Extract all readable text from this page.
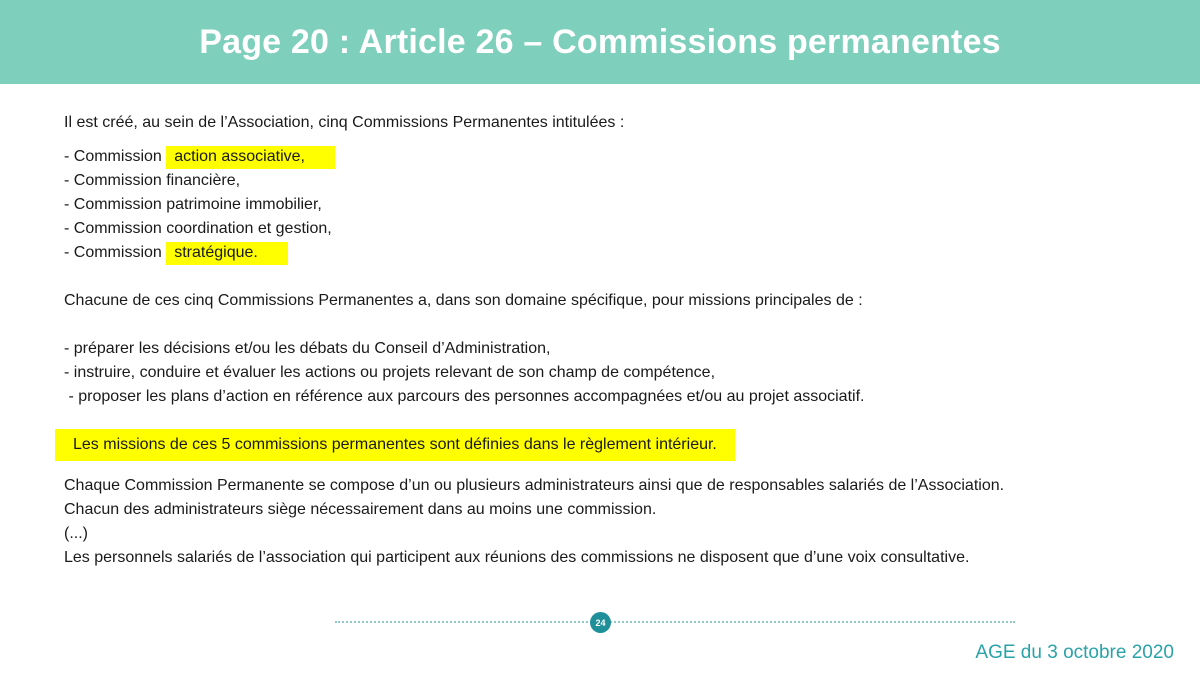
Page 20 : Article 26 – Commissions permanentes
Il est créé, au sein de l’Association, cinq Commissions Permanentes intitulées :
- Commission action associative,
- Commission financière,
- Commission patrimoine immobilier,
- Commission coordination et gestion,
- Commission stratégique.
Chacune de ces cinq Commissions Permanentes a, dans son domaine spécifique, pour missions principales de :
- préparer les décisions et/ou les débats du Conseil d’Administration,
- instruire, conduire et évaluer les actions ou projets relevant de son champ de compétence,
- proposer les plans d’action en référence aux parcours des personnes accompagnées et/ou au projet associatif.
Les missions de ces 5 commissions permanentes sont définies dans le règlement intérieur.
Chaque Commission Permanente se compose d’un ou plusieurs administrateurs ainsi que de responsables salariés de l’Association.
Chacun des administrateurs siège nécessairement dans au moins une commission.
(...)
Les personnels salariés de l’association qui participent aux réunions des commissions ne disposent que d’une voix consultative.
24
AGE du 3 octobre 2020
